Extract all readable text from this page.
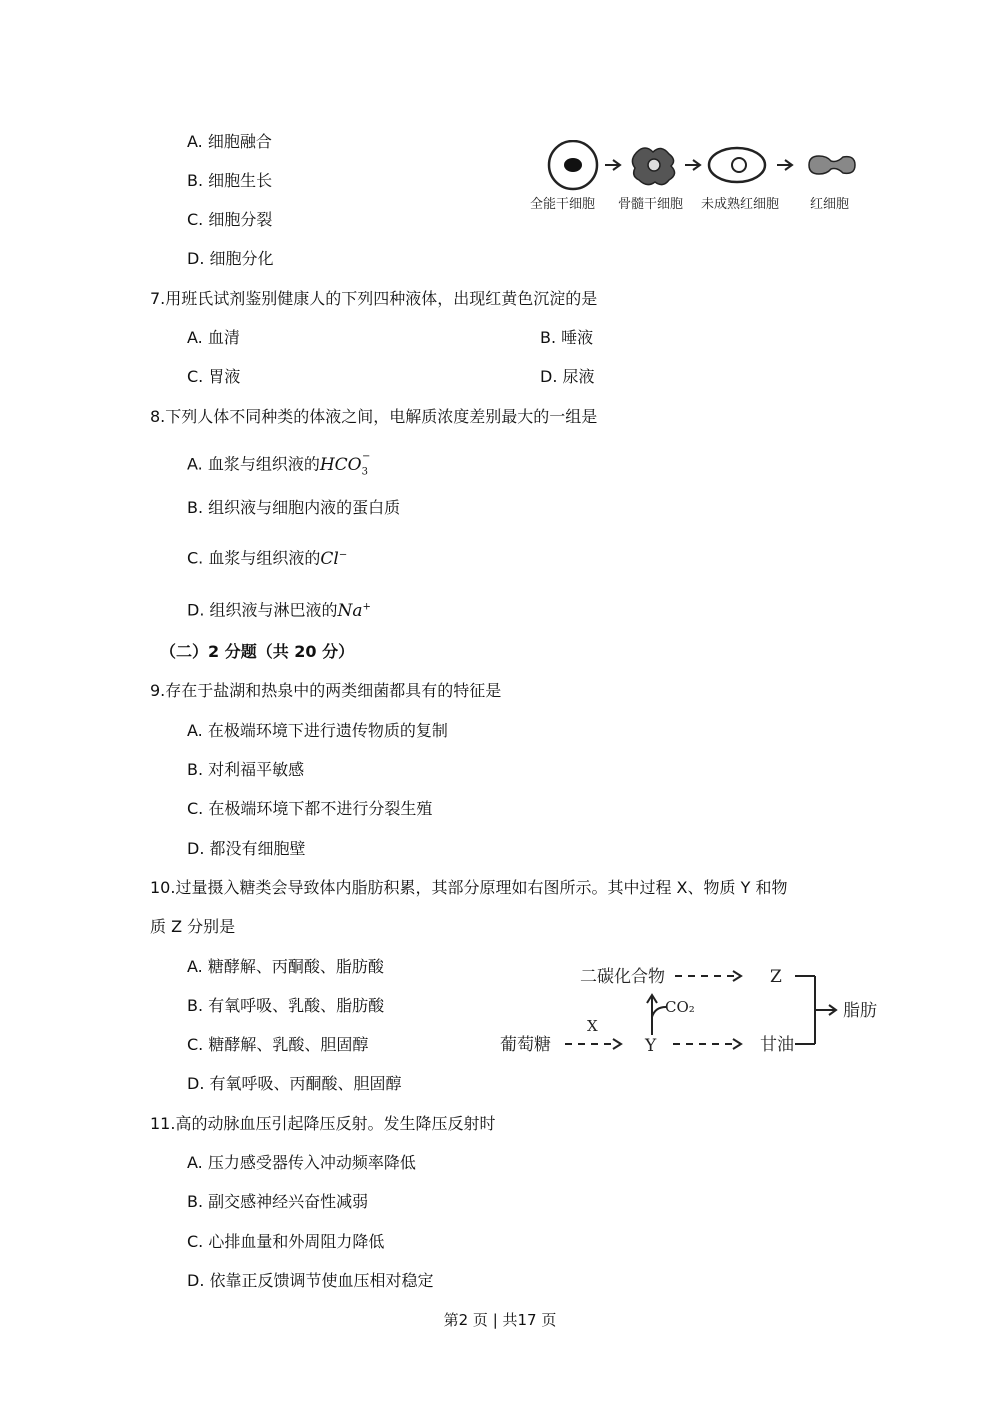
A. 细胞融合
B. 细胞生长
C. 细胞分裂
D. 细胞分化
全能干细胞 骨髓干细胞 未成熟红细胞 红细胞
7.用班氏试剂鉴别健康人的下列四种液体，出现红黄色沉淀的是
A. 血清	B. 唾液
C. 胃液	D. 尿液
8.下列人体不同种类的体液之间，电解质浓度差别最大的一组是
A. 血浆与组织液的$HCO_3^-$
B. 组织液与细胞内液的蛋白质
C. 血浆与组织液的Cl−
D. 组织液与淋巴液的Na+
（二）2 分题（共 20 分）
9.存在于盐湖和热泉中的两类细菌都具有的特征是
A. 在极端环境下进行遗传物质的复制
B. 对利福平敏感
C. 在极端环境下都不进行分裂生殖
D. 都没有细胞壁
10.过量摄入糖类会导致体内脂肪积累，其部分原理如右图所示。其中过程 X、物质 Y 和物
质 Z 分别是
A. 糖酵解、丙酮酸、脂肪酸
B. 有氧呼吸、乳酸、脂肪酸
C. 糖酵解、乳酸、胆固醇
D. 有氧呼吸、丙酮酸、胆固醇
二碳化合物	Z
脂肪
CO₂
X
葡萄糖	Y	甘油
11.高的动脉血压引起降压反射。发生降压反射时
A. 压力感受器传入冲动频率降低
B. 副交感神经兴奋性减弱
C. 心排血量和外周阻力降低
D. 依靠正反馈调节使血压相对稳定
第2 页 | 共17 页
